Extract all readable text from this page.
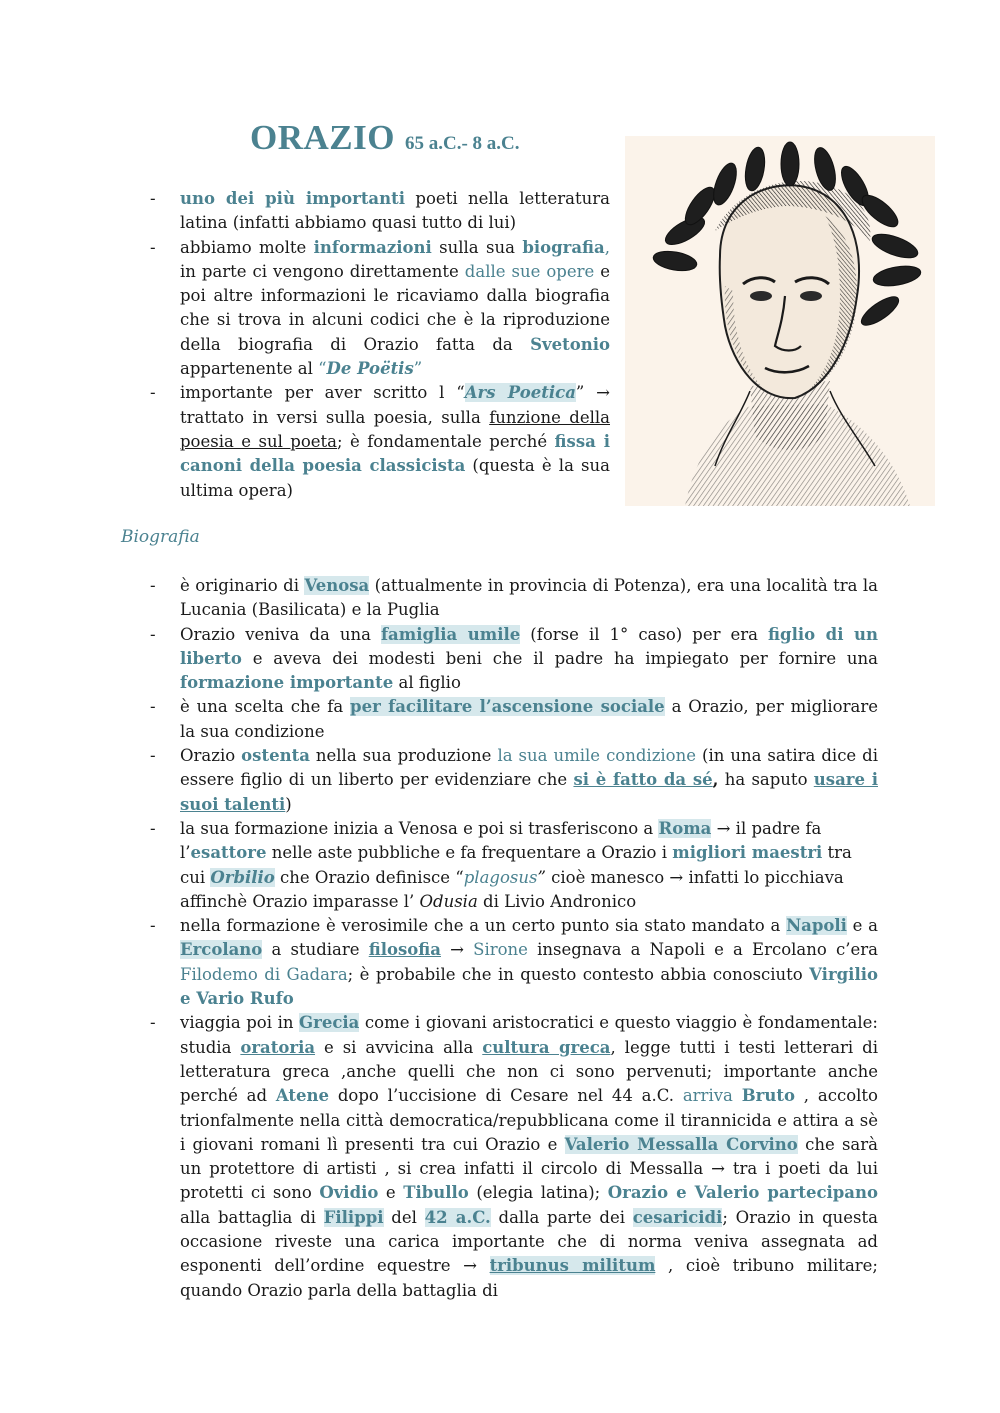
ORAZIO 65 a.C.- 8 a.C.
- uno dei più importanti poeti nella letteratura latina (infatti abbiamo quasi tutto di lui)
- abbiamo molte informazioni sulla sua biografia, in parte ci vengono direttamente dalle sue opere e poi altre informazioni le ricaviamo dalla biografia che si trova in alcuni codici che è la riproduzione della biografia di Orazio fatta da Svetonio appartenente al “De Poëtis”
- importante per aver scritto l “Ars Poetica” → trattato in versi sulla poesia, sulla funzione della poesia e sul poeta; è fondamentale perché fissa i canoni della poesia classicista (questa è la sua ultima opera)
Biografia
- è originario di Venosa (attualmente in provincia di Potenza), era una località tra la Lucania (Basilicata) e la Puglia
- Orazio veniva da una famiglia umile (forse il 1° caso) per era figlio di un liberto e aveva dei modesti beni che il padre ha impiegato per fornire una formazione importante al figlio
- è una scelta che fa per facilitare l’ascensione sociale a Orazio, per migliorare la sua condizione
- Orazio ostenta nella sua produzione la sua umile condizione (in una satira dice di essere figlio di un liberto per evidenziare che si è fatto da sé, ha saputo usare i suoi talenti)
- la sua formazione inizia a Venosa e poi si trasferiscono a Roma → il padre fa l’esattore nelle aste pubbliche e fa frequentare a Orazio i migliori maestri tra cui Orbilio che Orazio definisce “plagosus” cioè manesco → infatti lo picchiava affinchè Orazio imparasse l’ Odusia di Livio Andronico
- nella formazione è verosimile che a un certo punto sia stato mandato a Napoli e a Ercolano a studiare filosofia → Sirone insegnava a Napoli e a Ercolano c’era Filodemo di Gadara; è probabile che in questo contesto abbia conosciuto Virgilio e Vario Rufo
- viaggia poi in Grecia come i giovani aristocratici e questo viaggio è fondamentale: studia oratoria e si avvicina alla cultura greca, legge tutti i testi letterari di letteratura greca ,anche quelli che non ci sono pervenuti; importante anche perché ad Atene dopo l’uccisione di Cesare nel 44 a.C. arriva Bruto , accolto trionfalmente nella città democratica/repubblicana come il tirannicida e attira a sè i giovani romani lì presenti tra cui Orazio e Valerio Messalla Corvino che sarà un protettore di artisti , si crea infatti il circolo di Messalla → tra i poeti da lui protetti ci sono Ovidio e Tibullo (elegia latina); Orazio e Valerio partecipano alla battaglia di Filippi del 42 a.C. dalla parte dei cesaricidi; Orazio in questa occasione riveste una carica importante che di norma veniva assegnata ad esponenti dell’ordine equestre → tribunus militum , cioè tribuno militare; quando Orazio parla della battaglia di
